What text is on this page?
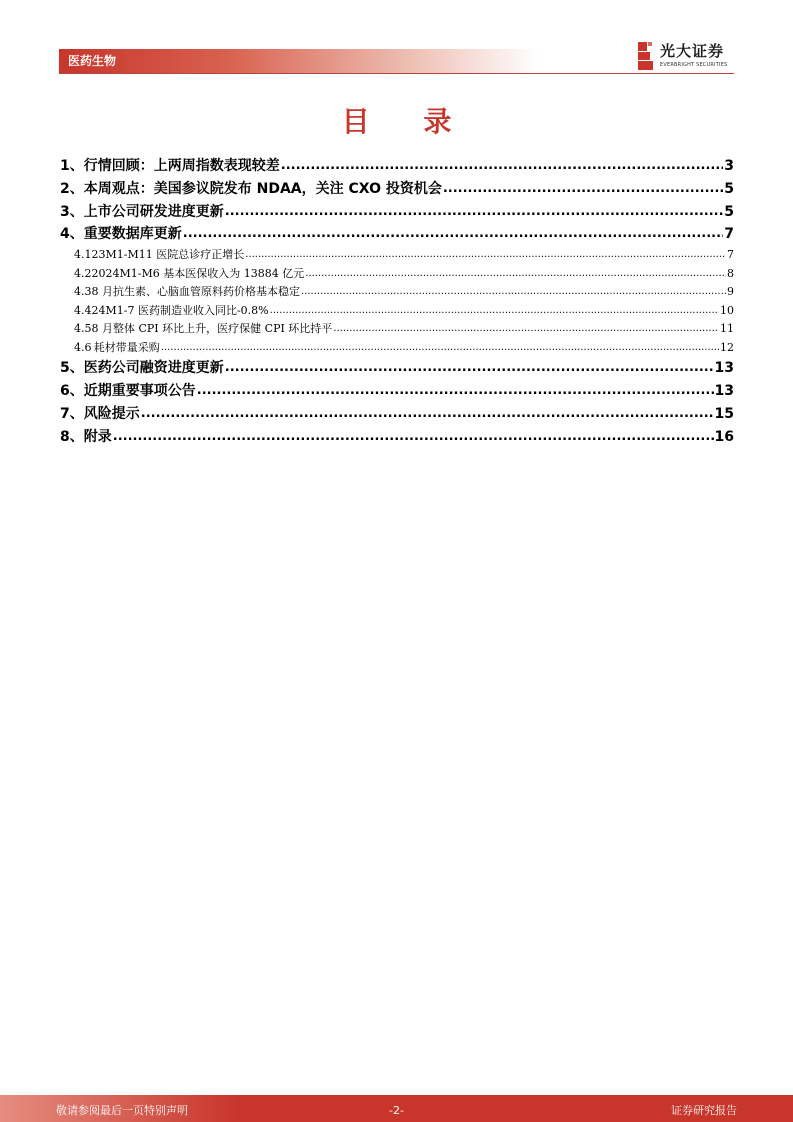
医药生物
光大证券
EVERBRIGHT SECURITIES
目 录
1、 行情回顾：上两周指数表现较差 .....	3
2、 本周观点：美国参议院发布 NDAA，关注 CXO 投资机会 .....	5
3、 上市公司研发进度更新 .....	5
4、 重要数据库更新 .....	7
4.1 23M1-M11 医院总诊疗正增长 .....	7
4.2 2024M1-M6 基本医保收入为 13884 亿元 .....	8
4.3 8 月抗生素、心脑血管原料药价格基本稳定 .....	9
4.4 24M1-7 医药制造业收入同比-0.8% .....	10
4.5 8 月整体 CPI 环比上升，医疗保健 CPI 环比持平 .....	11
4.6 耗材带量采购 .....	12
5、 医药公司融资进度更新 .....	13
6、 近期重要事项公告 .....	13
7、 风险提示 .....	15
8、 附录 .....	16
敬请参阅最后一页特别声明	-2-	证券研究报告
